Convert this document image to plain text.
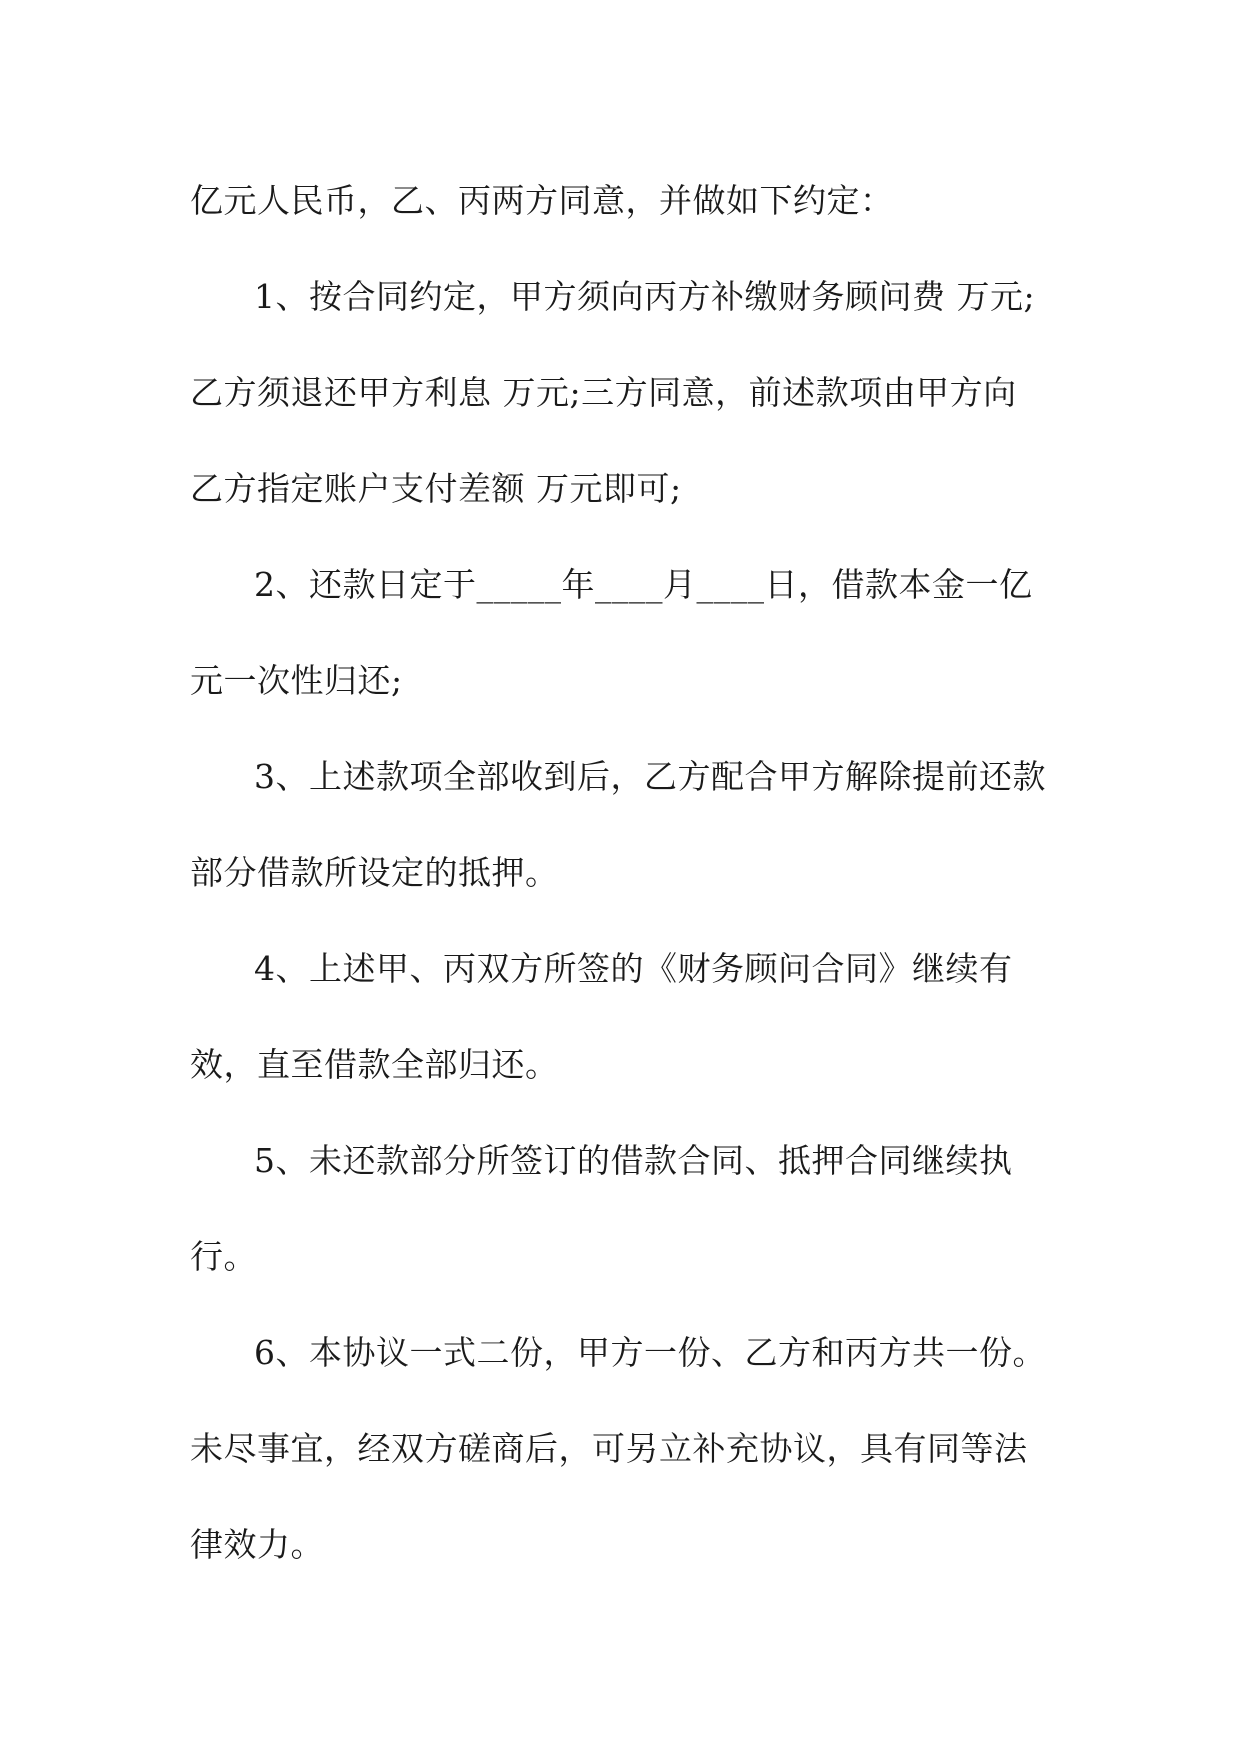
亿元人民币，乙、丙两方同意，并做如下约定：
1、按合同约定，甲方须向丙方补缴财务顾问费 万元;
乙方须退还甲方利息 万元;三方同意，前述款项由甲方向
乙方指定账户支付差额 万元即可;
2、还款日定于_____年____月____日，借款本金一亿
元一次性归还;
3、上述款项全部收到后，乙方配合甲方解除提前还款
部分借款所设定的抵押。
4、上述甲、丙双方所签的《财务顾问合同》继续有
效，直至借款全部归还。
5、未还款部分所签订的借款合同、抵押合同继续执
行。
6、本协议一式二份，甲方一份、乙方和丙方共一份。
未尽事宜，经双方磋商后，可另立补充协议，具有同等法
律效力。
